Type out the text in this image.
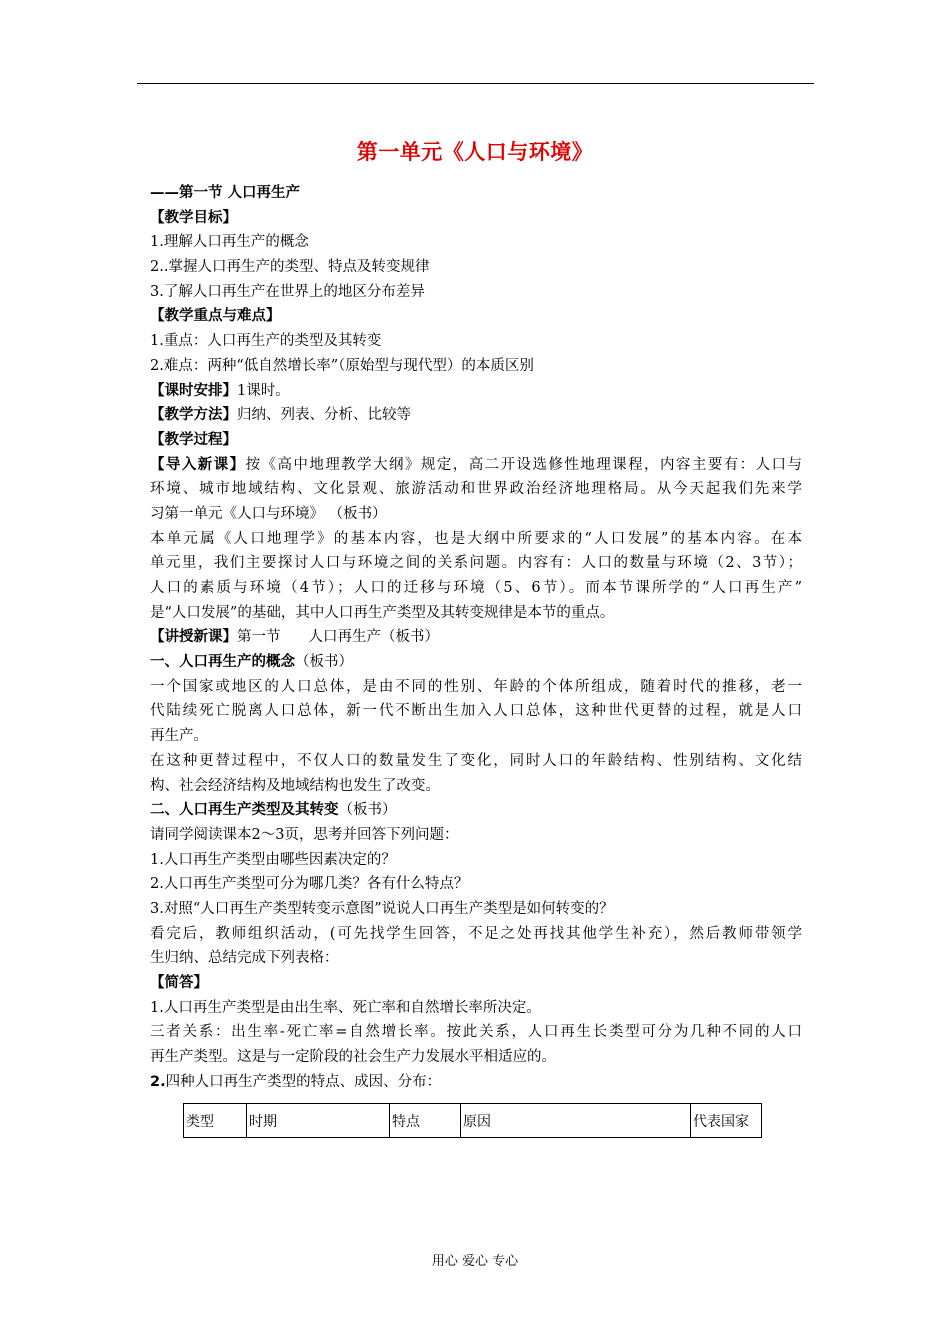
第一单元《人口与环境》
——第一节 人口再生产
【教学目标】
1.理解人口再生产的概念
2..掌握人口再生产的类型、特点及转变规律
3.了解人口再生产在世界上的地区分布差异
【教学重点与难点】
1.重点：人口再生产的类型及其转变
2.难点：两种“低自然增长率”（原始型与现代型）的本质区别
【课时安排】1课时。
【教学方法】归纳、列表、分析、比较等
【教学过程】
【导入新课】按《高中地理教学大纲》规定，高二开设选修性地理课程，内容主要有：人口与
环境、城市地域结构、文化景观、旅游活动和世界政治经济地理格局。从今天起我们先来学
习第一单元《人口与环境》 （板书）
本单元属《人口地理学》的基本内容，也是大纲中所要求的“人口发展”的基本内容。在本
单元里，我们主要探讨人口与环境之间的关系问题。内容有：人口的数量与环境（2、3节）；
人口的素质与环境（4节）；人口的迁移与环境（5、6节）。而本节课所学的“人口再生产”
是“人口发展”的基础，其中人口再生产类型及其转变规律是本节的重点。
【讲授新课】第一节 人口再生产（板书）
一、人口再生产的概念（板书）
一个国家或地区的人口总体，是由不同的性别、年龄的个体所组成，随着时代的推移，老一
代陆续死亡脱离人口总体，新一代不断出生加入人口总体，这种世代更替的过程，就是人口
再生产。
在这种更替过程中，不仅人口的数量发生了变化，同时人口的年龄结构、性别结构、文化结
构、社会经济结构及地域结构也发生了改变。
二、人口再生产类型及其转变（板书）
请同学阅读课本2～3页，思考并回答下列问题：
1.人口再生产类型由哪些因素决定的？
2.人口再生产类型可分为哪几类？各有什么特点？
3.对照“人口再生产类型转变示意图”说说人口再生产类型是如何转变的？
看完后，教师组织活动，(可先找学生回答，不足之处再找其他学生补充），然后教师带领学
生归纳、总结完成下列表格：
【简答】
1.人口再生产类型是由出生率、死亡率和自然增长率所决定。
三者关系：出生率-死亡率=自然增长率。按此关系，人口再生长类型可分为几种不同的人口
再生产类型。这是与一定阶段的社会生产力发展水平相适应的。
2.四种人口再生产类型的特点、成因、分布：
类型	时期	特点	原因	代表国家
用心 爱心 专心
